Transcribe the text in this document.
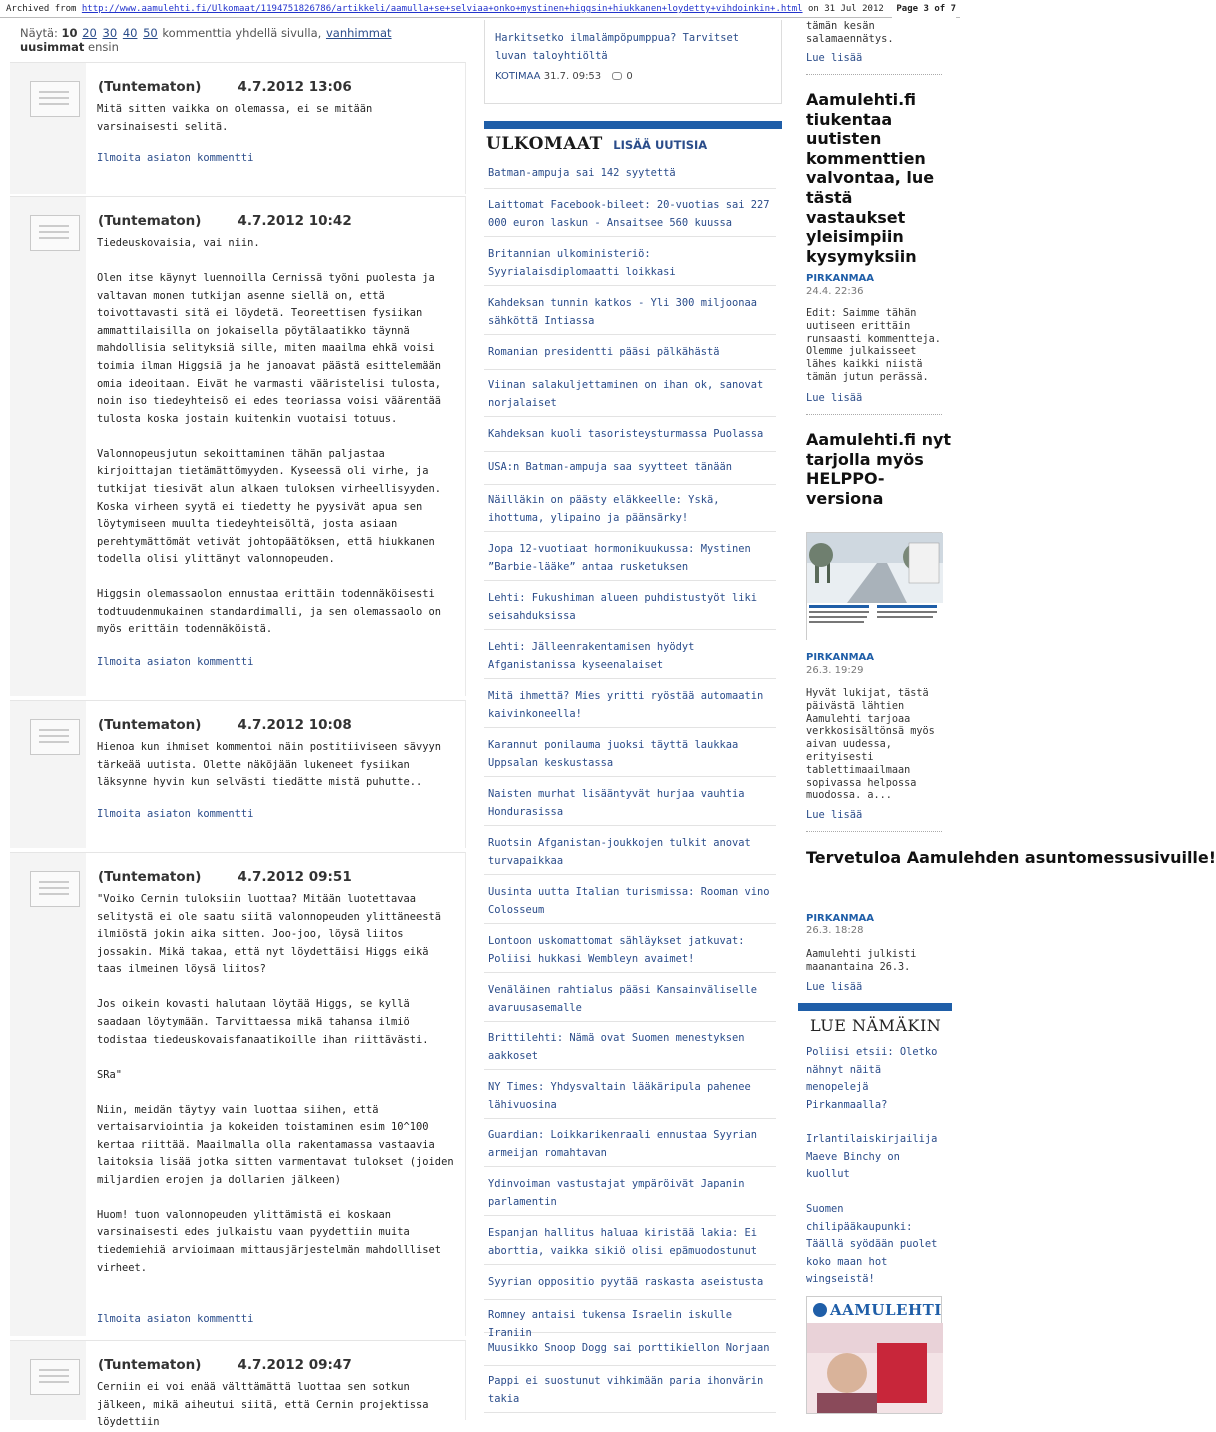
Archived from http://www.aamulehti.fi/Ulkomaat/1194751826786/artikkeli/aamulla+se+selviaa+onko+mystinen+higgsin+hiukkanen+loydetty+vihdoinkin+.html on 31 Jul 2012	Page 3 of 7
Näytä: 10 20 30 40 50 kommenttia yhdellä sivulla, vanhimmat uusimmat ensin
(Tuntematon)	4.7.2012 13:06

Mitä sitten vaikka on olemassa, ei se mitään varsinaisesti selitä.

Ilmoita asiaton kommentti
(Tuntematon)	4.7.2012 10:42

Tiedeuskovaisia, vai niin.

Olen itse käynyt luennoilla Cernissä työni puolesta ja valtavan monen tutkijan asenne siellä on, että toivottavasti sitä ei löydetä. Teoreettisen fysiikan ammattilaisilla on jokaisella pöytälaatikko täynnä mahdollisia selityksiä sille, miten maailma ehkä voisi toimia ilman Higgsiä ja he janoavat päästä esittelemään omia ideoitaan. Eivät he varmasti vääristelisi tulosta, noin iso tiedeyhteisö ei edes teoriassa voisi väärentää tulosta koska jostain kuitenkin vuotaisi totuus.

Valonnopeusjutun sekoittaminen tähän paljastaa kirjoittajan tietämättömyyden. Kyseessä oli virhe, ja tutkijat tiesivät alun alkaen tuloksen virheellisyyden. Koska virheen syytä ei tiedetty he pyysivät apua sen löytymiseen muulta tiedeyhteisöltä, josta asiaan perehtymättömät vetivät johtopäätöksen, että hiukkanen todella olisi ylittänyt valonnopeuden.

Higgsin olemassaolon ennustaa erittäin todennäköisesti todtuudenmukainen standardimalli, ja sen olemassaolo on myös erittäin todennäköistä.

Ilmoita asiaton kommentti
(Tuntematon)	4.7.2012 10:08

Hienoa kun ihmiset kommentoi näin postitiiviseen sävyyn tärkeää uutista. Olette näköjään lukeneet fysiikan läksynne hyvin kun selvästi tiedätte mistä puhutte..

Ilmoita asiaton kommentti
(Tuntematon)	4.7.2012 09:51

"Voiko Cernin tuloksiin luottaa? Mitään luotettavaa selitystä ei ole saatu siitä valonnopeuden ylittäneestä ilmiöstä jokin aika sitten. Joo-joo, löysä liitos jossakin. Mikä takaa, että nyt löydettäisi Higgs eikä taas ilmeinen löysä liitos?

Jos oikein kovasti halutaan löytää Higgs, se kyllä saadaan löytymään. Tarvittaessa mikä tahansa ilmiö todistaa tiedeuskovaisfanaatikoille ihan riittävästi.

SRa"

Niin, meidän täytyy vain luottaa siihen, että vertaisarviointia ja kokeiden toistaminen esim 10^100 kertaa riittää. Maailmalla olla rakentamassa vastaavia laitoksia lisää jotka sitten varmentavat tulokset (joiden miljardien erojen ja dollarien jälkeen)

Huom! tuon valonnopeuden ylittämistä ei koskaan varsinaisesti edes julkaistu vaan pyydettiin muita tiedemiehiä arvioimaan mittausjärjestelmän mahdollliset virheet.

Ilmoita asiaton kommentti
(Tuntematon)	4.7.2012 09:47

Cerniin ei voi enää välttämättä luottaa sen sotkun jälkeen, mikä aiheutui siitä, että Cernin projektissa löydettiin

Harkitsetko ilmalämpöpumppua? Tarvitset luvan taloyhtiöltä
KOTIMAA 31.7. 09:53	0
ULKOMAAT LISÄÄ UUTISIA
Batman-ampuja sai 142 syytettä
Laittomat Facebook-bileet: 20-vuotias sai 227 000 euron laskun - Ansaitsee 560 kuussa
Britannian ulkoministeriö: Syyrialaisdiplomaatti loikkasi
Kahdeksan tunnin katkos - Yli 300 miljoonaa sähköttä Intiassa
Romanian presidentti pääsi pälkähästä
Viinan salakuljettaminen on ihan ok, sanovat norjalaiset
Kahdeksan kuoli tasoristeysturmassa Puolassa
USA:n Batman-ampuja saa syytteet tänään
Näilläkin on päästy eläkkeelle: Yskä, ihottuma, ylipaino ja päänsärky!
Jopa 12-vuotiaat hormonikuukussa: Mystinen ”Barbie-lääke” antaa rusketuksen
Lehti: Fukushiman alueen puhdistustyöt liki seisahduksissa
Lehti: Jälleenrakentamisen hyödyt Afganistanissa kyseenalaiset
Mitä ihmettä? Mies yritti ryöstää automaatin kaivinkoneella!
Karannut ponilauma juoksi täyttä laukkaa Uppsalan keskustassa
Naisten murhat lisääntyvät hurjaa vauhtia Hondurasissa
Ruotsin Afganistan-joukkojen tulkit anovat turvapaikkaa
Uusinta uutta Italian turismissa: Rooman vino Colosseum
Lontoon uskomattomat sähläykset jatkuvat: Poliisi hukkasi Wembleyn avaimet!
Venäläinen rahtialus pääsi Kansainväliselle avaruusasemalle
Brittilehti: Nämä ovat Suomen menestyksen aakkoset
NY Times: Yhdysvaltain lääkäripula pahenee lähivuosina
Guardian: Loikkarikenraali ennustaa Syyrian armeijan romahtavan
Ydinvoiman vastustajat ympäröivät Japanin parlamentin
Espanjan hallitus haluaa kiristää lakia: Ei aborttia, vaikka sikiö olisi epämuodostunut
Syyrian oppositio pyytää raskasta aseistusta
Romney antaisi tukensa Israelin iskulle Iraniin
Muusikko Snoop Dogg sai porttikiellon Norjaan
Pappi ei suostunut vihkimään paria ihonvärin takia
tämän kesän salamaennätys.
Lue lisää
Aamulehti.fi tiukentaa uutisten kommenttien valvontaa, lue tästä vastaukset yleisimpiin kysymyksiin
PIRKANMAA
24.4. 22:36
Edit: Saimme tähän uutiseen erittäin runsaasti kommentteja. Olemme julkaisseet lähes kaikki niistä tämän jutun perässä.
Lue lisää
Aamulehti.fi nyt tarjolla myös HELPPO-versiona
PIRKANMAA
26.3. 19:29
Hyvät lukijat, tästä päivästä lähtien Aamulehti tarjoaa verkkosisältönsä myös aivan uudessa, erityisesti tablettimaailmaan sopivassa helpossa muodossa. a...
Lue lisää
Tervetuloa Aamulehden asuntomessusivuille!
PIRKANMAA
26.3. 18:28
Aamulehti julkisti maanantaina 26.3.
Lue lisää
LUE NÄMÄKIN
Poliisi etsii: Oletko nähnyt näitä menopelejä Pirkanmaalla?
Irlantilaiskirjailija Maeve Binchy on kuollut
Suomen chilipääkaupunki: Täällä syödään puolet koko maan hot wingseistä!
AAMULEHTI
